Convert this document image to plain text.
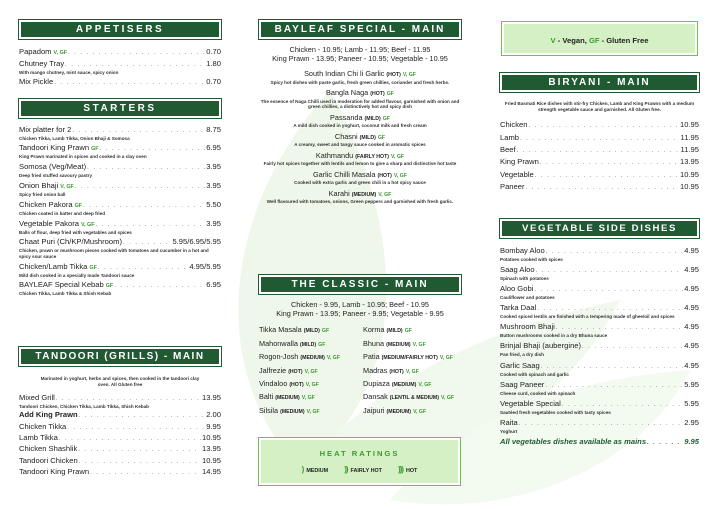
APPETISERS
Papadom V, GF . . .	0.70
Chutney Tray . . .	1.80
With mango chutney, mint sauce, spicy onion
Mix Pickle . . .	0.70
STARTERS
Mix platter for 2 . . .	8.75
Chicken Tikka, Lamb Tikka, Onion Bhaji & Somosa
Tandoori King Prawn GF . . .	6.95
King Prawn marinated in spices and cooked in a clay oven
Somosa (Veg/Meat) . . .	3.95
Deep fried stuffed savoury pastry
Onion Bhaji V, GF . . .	3.95
Spicy fried onion ball
Chicken Pakora GF . . .	5.50
Chicken coated in batter and deep fried
Vegetable Pakora V, GF . . .	3.95
Balls of flour, deep fried with vegetables and spices
Chaat Puri (Ch/KP/Mushroom) . . .	5.95/6.95/5.95
Chicken, prawn or mushroom pieces cooked with tomatoes and cucumber in a hot and spicy sour sauce
Chicken/Lamb Tikka GF . . .	4.95/5.95
Mild dish cooked in a specially made Tandoori sauce
BAYLEAF Special Kebab GF . . .	6.95
Chicken Tikka, Lamb Tikka & Shish Kebab
TANDOORI (GRILLS) - MAIN
Marinated in yoghurt, herbs and spices, then cooked in the tandoori clay oven. All Gluten free
Mixed Grill . . .	13.95
Tandoori Chicken, Chicken Tikka, Lamb Tikka, Shish Kebab
Add King Prawn . . .	2.00
Chicken Tikka . . .	9.95
Lamb Tikka . . .	10.95
Chicken Shashlik . . .	13.95
Tandoori Chicken . . .	10.95
Tandoori King Prawn . . .	14.95
BAYLEAF SPECIAL - MAIN
Chicken - 10.95; Lamb - 11.95; Beef - 11.95
King Prawn - 13.95; Paneer - 10.95; Vegetable - 10.95
South Indian Chi li Garlic (HOT) V, GF
Spicy hot dishes with paste garlic, fresh green chillies, coriander and fresh herbs.
Bangla Naga (HOT) GF
The essence of Naga Chilli used in moderation for added flavour, garnished with onion and green chillies, a distinctively hot and spicy dish
Passanda (MILD) GF
A mild dish cooked in yoghurt, coconut milk and fresh cream
Chasni (MILD) GF
A creamy, sweet and tangy sauce cooked in aromatic spices
Kathmandu (FAIRLY HOT) V, GF
Fairly hot spices together with lentils and lemon to give a sharp and distinctive hot taste
Garlic Chilli Masala (HOT) V, GF
Cooked with extra garlic and green chili in a hot spicy sauce
Karahi (MEDIUM) V, GF
Well flavoured with tomatoes, onions, Green peppers and garnished with fresh garlic.
THE CLASSIC - MAIN
Chicken - 9.95, Lamb - 10.95; Beef - 10.95
King Prawn - 13.95; Paneer - 9.95; Vegetable - 9.95
Tikka Masala (MILD) GF	Korma (MILD) GF
Mahonwalla (MILD) GF	Bhuna (MEDIUM) V, GF
Rogon-Josh (MEDIUM) V, GF	Patia (MEDIUM/FAIRLY HOT) V, GF
Jalfrezie (HOT) V, GF	Madras (HOT) V, GF
Vindaloo (HOT) V, GF	Dupiaza (MEDIUM) V, GF
Balti (MEDIUM) V, GF	Dansak (LENTIL & MEDIUM) V, GF
Silsila (MEDIUM) V, GF	Jaipuri (MEDIUM) V, GF
HEAT RATINGS
) MEDIUM )) FAIRLY HOT ))) HOT
V - Vegan, GF - Gluten Free
BIRYANI - MAIN
Fried Basmati Rice dishes with stir-fry Chicken, Lamb and King Prawns with a medium strength vegetable sauce and garnished. All Gluten free.
Chicken . . .	10.95
Lamb . . .	11.95
Beef . . .	11.95
King Prawn . . .	13.95
Vegetable . . .	10.95
Paneer . . .	10.95
VEGETABLE SIDE DISHES
Bombay Aloo . . .	4.95
Potatoes cooked with spices
Saag Aloo . . .	4.95
Spinach with potatoes
Aloo Gobi . . .	4.95
Cauliflower and potatoes
Tarka Daal . . .	4.95
Cooked spiced lentils are finished with a tempering made of ghee/oil and spices
Mushroom Bhaji . . .	4.95
Button mushrooms cooked in a dry Bhuna sauce
Brinjal Bhaji (aubergine) . . .	4.95
Pan fried, a dry dish
Garlic Saag . . .	4.95
Cooked with spinach and garlic
Saag Paneer . . .	5.95
Cheese curd, cooked with spinach
Vegetable Special . . .	5.95
Sautéed fresh vegetables cooked with tasty spices
Raita . . .	2.95
Yoghurt
All vegetables dishes available as mains . . .	9.95
